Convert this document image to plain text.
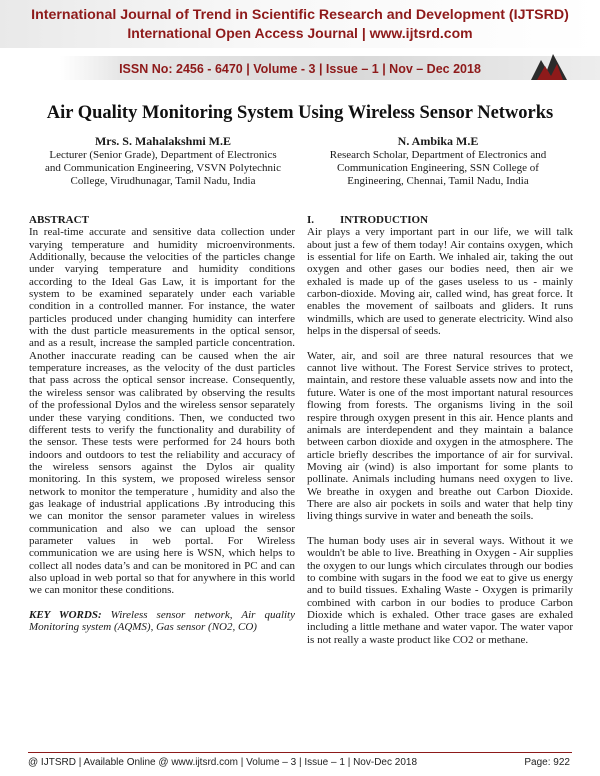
International Journal of Trend in Scientific Research and Development (IJTSRD)
International Open Access Journal | www.ijtsrd.com
ISSN No: 2456 - 6470 | Volume - 3 | Issue – 1 | Nov – Dec 2018
Air Quality Monitoring System Using Wireless Sensor Networks
Mrs. S. Mahalakshmi M.E
Lecturer (Senior Grade), Department of Electronics
and Communication Engineering, VSVN Polytechnic
College, Virudhunagar, Tamil Nadu, India
N. Ambika M.E
Research Scholar, Department of Electronics and
Communication Engineering, SSN College of
Engineering, Chennai, Tamil Nadu, India

ABSTRACT

In real-time accurate and sensitive data collection under varying temperature and humidity microenvironments. Additionally, because the velocities of the particles change under varying temperature and humidity conditions according to the Ideal Gas Law, it is important for the system to be examined separately under each variable condition in a controlled manner. For instance, the water particles produced under changing humidity can interfere with the dust particle measurements in the optical sensor, and as a result, increase the sampled particle concentration. Another inaccurate reading can be caused when the air temperature increases, as the velocity of the dust particles that pass across the optical sensor increase. Consequently, the wireless sensor was calibrated by observing the results of the professional Dylos and the wireless sensor separately under these varying conditions. Then, we conducted two different tests to verify the functionality and durability of the sensor. These tests were performed for 24 hours both indoors and outdoors to test the reliability and accuracy of the wireless sensors against the Dylos air quality monitoring. In this system, we proposed wireless sensor network to monitor the temperature , humidity and also the gas leakage of industrial applications .By introducing this we can monitor the sensor parameter values in wireless communication and also we can upload the sensor parameter values in web portal. For Wireless communication we are using here is WSN, which helps to collect all nodes data’s and can be monitored in PC and can also upload in web portal so that for anywhere in this world we can monitor these conditions.

KEY WORDS: Wireless sensor network, Air quality Monitoring system (AQMS), Gas sensor (NO2, CO)

I. INTRODUCTION

Air plays a very important part in our life, we will talk about just a few of them today! Air contains oxygen, which is essential for life on Earth. We inhaled air, taking the out oxygen and other gases our bodies need, then air we exhaled is made up of the gases useless to us - mainly carbon-dioxide. Moving air, called wind, has great force. It enables the movement of sailboats and gliders. It runs windmills, which are used to generate electricity. Wind also helps in the dispersal of seeds.

Water, air, and soil are three natural resources that we cannot live without. The Forest Service strives to protect, maintain, and restore these valuable assets now and into the future. Water is one of the most important natural resources flowing from forests. The organisms living in the soil respire through oxygen present in this air. Hence plants and animals are interdependent and they maintain a balance between carbon dioxide and oxygen in the atmosphere. The article briefly describes the importance of air for survival. Moving air (wind) is also important for some plants to pollinate. Animals including humans need oxygen to live. We breathe in oxygen and breathe out Carbon Dioxide. There are also air pockets in soils and water that help tiny living things survive in water and beneath the soils.

The human body uses air in several ways. Without it we wouldn't be able to live. Breathing in Oxygen - Air supplies the oxygen to our lungs which circulates through our bodies to combine with sugars in the food we eat to give us energy and to build tissues. Exhaling Waste - Oxygen is primarily combined with carbon in our bodies to produce Carbon Dioxide which is exhaled. Other trace gases are exhaled including a little methane and water vapor. The water vapor is not really a waste product like CO2 or methane.

@ IJTSRD | Available Online @ www.ijtsrd.com | Volume – 3 | Issue – 1 | Nov-Dec 2018	Page: 922
